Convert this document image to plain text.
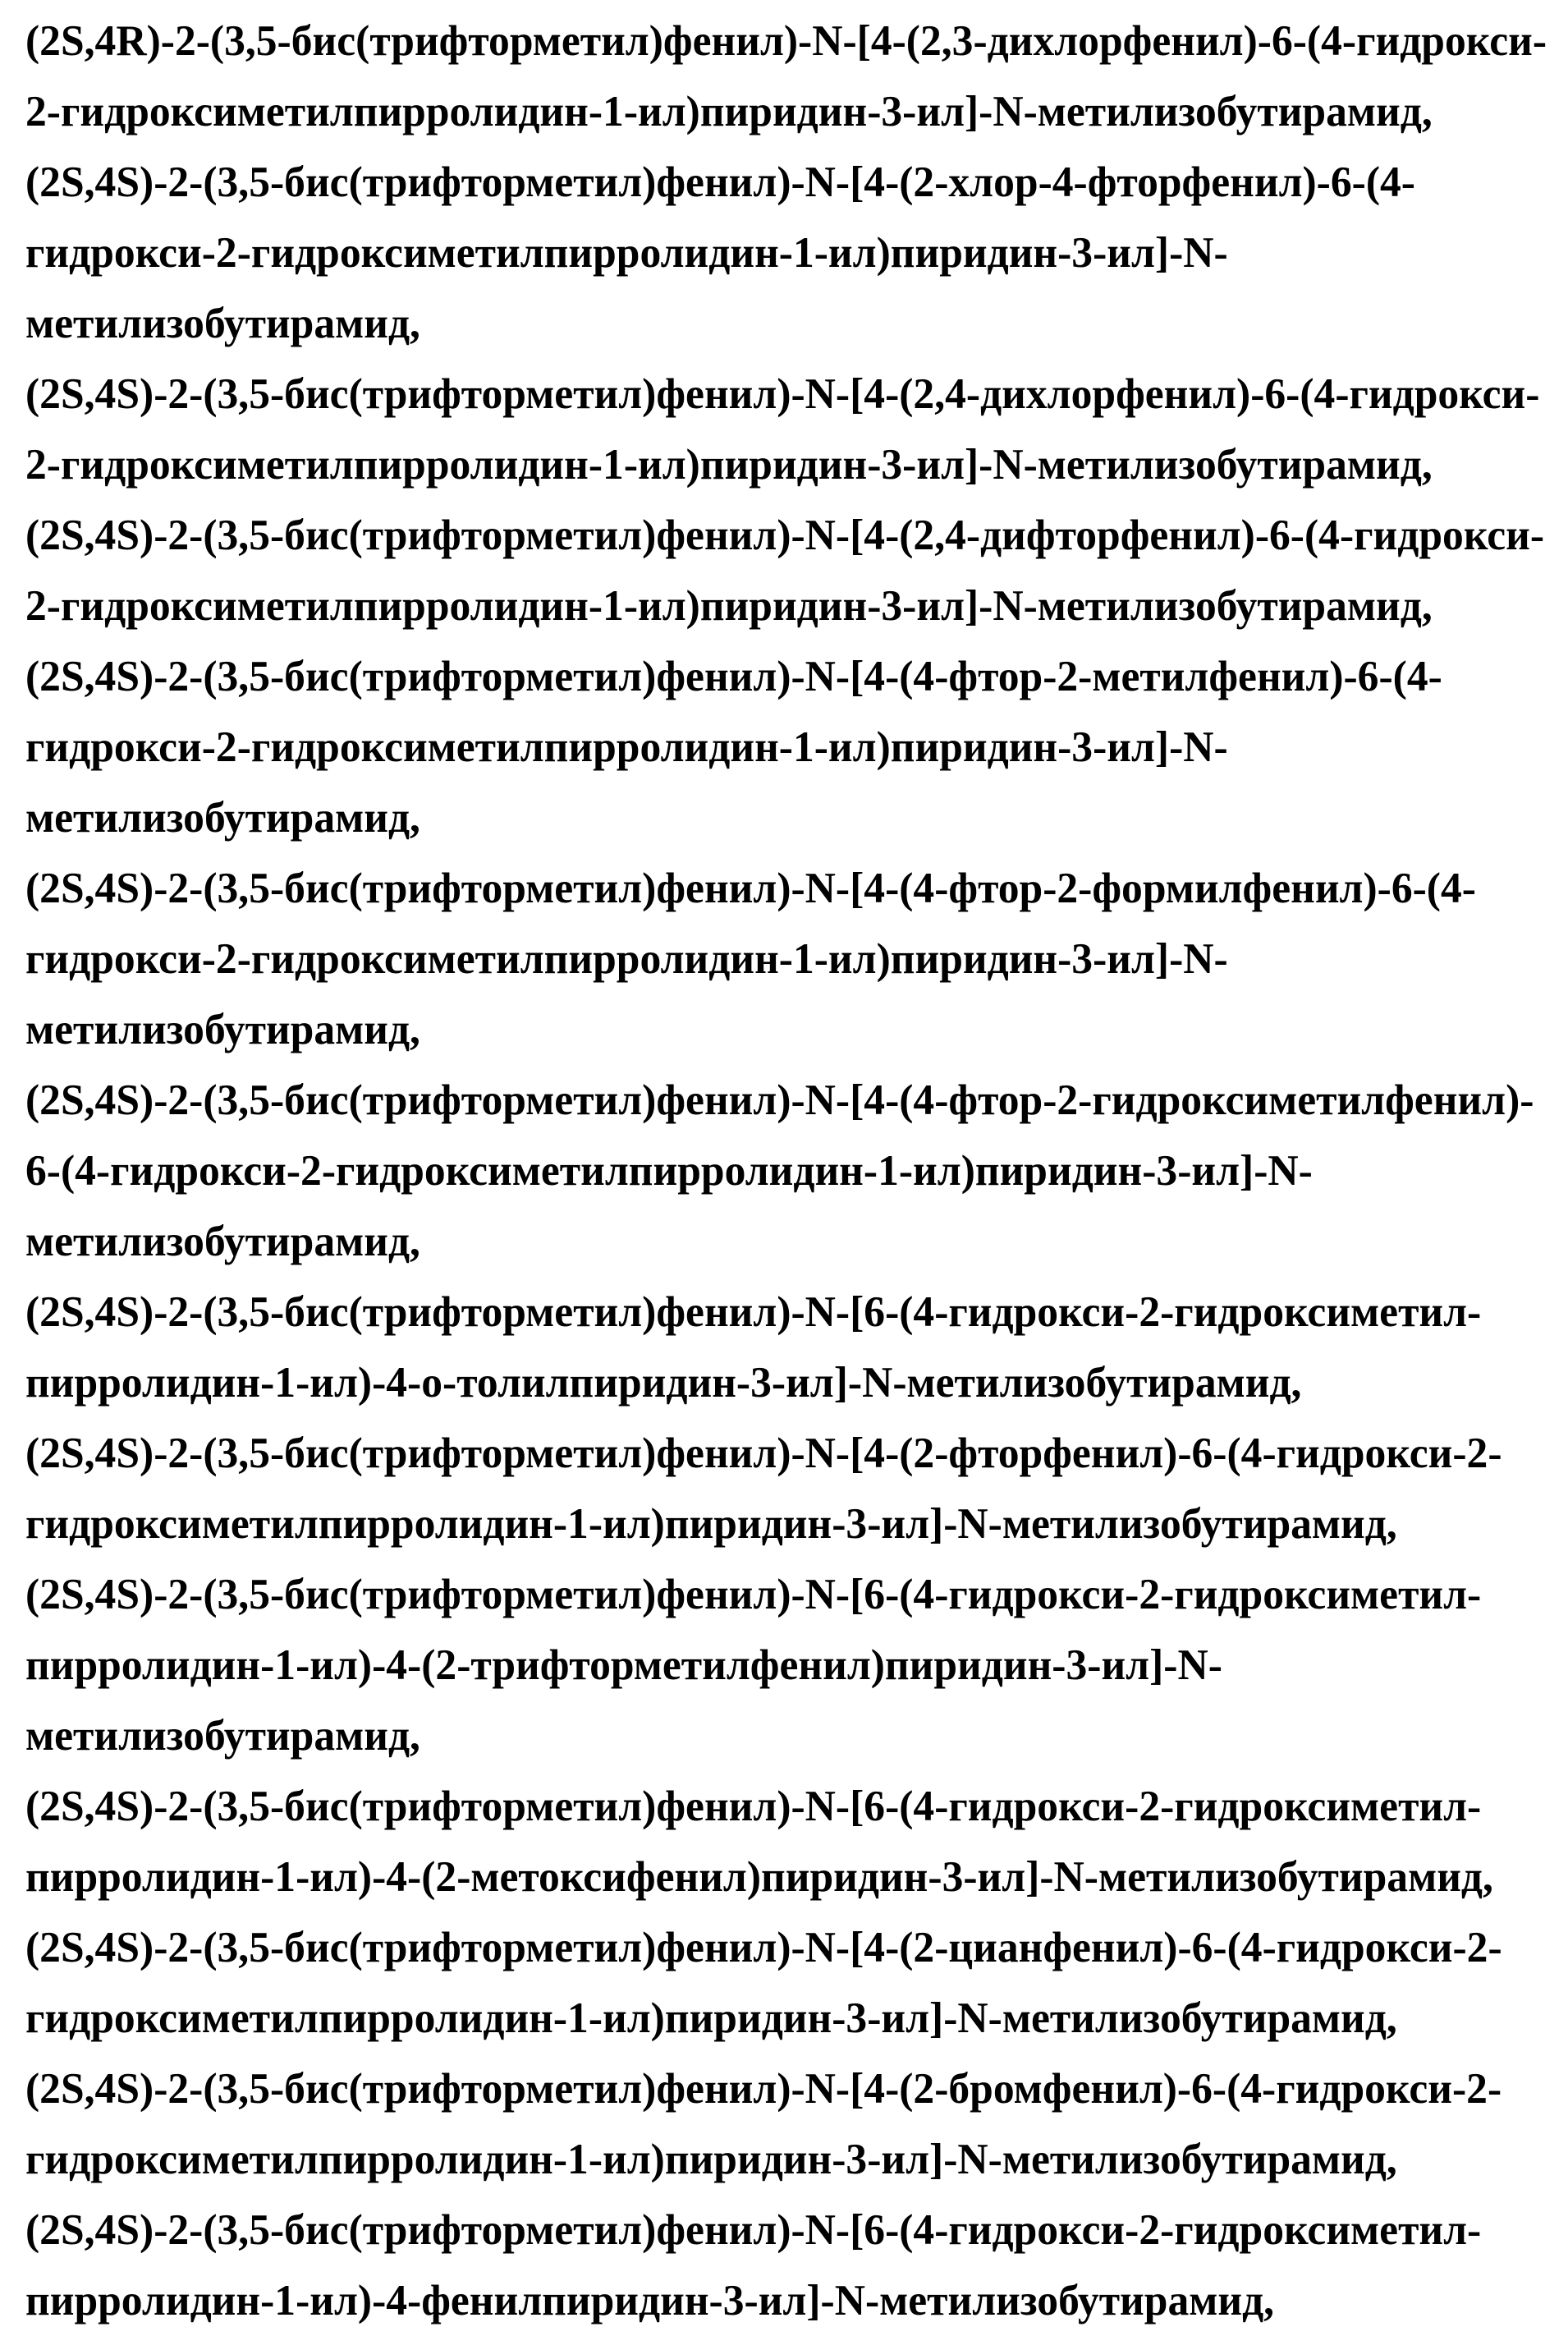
(2S,4R)-2-(3,5-бис(трифторметил)фенил)-N-[4-(2,3-дихлорфенил)-6-(4-гидрокси-
2-гидроксиметилпирролидин-1-ил)пиридин-3-ил]-N-метилизобутирамид,
(2S,4S)-2-(3,5-бис(трифторметил)фенил)-N-[4-(2-хлор-4-фторфенил)-6-(4-
гидрокси-2-гидроксиметилпирролидин-1-ил)пиридин-3-ил]-N-
метилизобутирамид,
(2S,4S)-2-(3,5-бис(трифторметил)фенил)-N-[4-(2,4-дихлорфенил)-6-(4-гидрокси-
2-гидроксиметилпирролидин-1-ил)пиридин-3-ил]-N-метилизобутирамид,
(2S,4S)-2-(3,5-бис(трифторметил)фенил)-N-[4-(2,4-дифторфенил)-6-(4-гидрокси-
2-гидроксиметилпирролидин-1-ил)пиридин-3-ил]-N-метилизобутирамид,
(2S,4S)-2-(3,5-бис(трифторметил)фенил)-N-[4-(4-фтор-2-метилфенил)-6-(4-
гидрокси-2-гидроксиметилпирролидин-1-ил)пиридин-3-ил]-N-
метилизобутирамид,
(2S,4S)-2-(3,5-бис(трифторметил)фенил)-N-[4-(4-фтор-2-формилфенил)-6-(4-
гидрокси-2-гидроксиметилпирролидин-1-ил)пиридин-3-ил]-N-
метилизобутирамид,
(2S,4S)-2-(3,5-бис(трифторметил)фенил)-N-[4-(4-фтор-2-гидроксиметилфенил)-
6-(4-гидрокси-2-гидроксиметилпирролидин-1-ил)пиридин-3-ил]-N-
метилизобутирамид,
(2S,4S)-2-(3,5-бис(трифторметил)фенил)-N-[6-(4-гидрокси-2-гидроксиметил-
пирролидин-1-ил)-4-о-толилпиридин-3-ил]-N-метилизобутирамид,
(2S,4S)-2-(3,5-бис(трифторметил)фенил)-N-[4-(2-фторфенил)-6-(4-гидрокси-2-
гидроксиметилпирролидин-1-ил)пиридин-3-ил]-N-метилизобутирамид,
(2S,4S)-2-(3,5-бис(трифторметил)фенил)-N-[6-(4-гидрокси-2-гидроксиметил-
пирролидин-1-ил)-4-(2-трифторметилфенил)пиридин-3-ил]-N-
метилизобутирамид,
(2S,4S)-2-(3,5-бис(трифторметил)фенил)-N-[6-(4-гидрокси-2-гидроксиметил-
пирролидин-1-ил)-4-(2-метоксифенил)пиридин-3-ил]-N-метилизобутирамид,
(2S,4S)-2-(3,5-бис(трифторметил)фенил)-N-[4-(2-цианфенил)-6-(4-гидрокси-2-
гидроксиметилпирролидин-1-ил)пиридин-3-ил]-N-метилизобутирамид,
(2S,4S)-2-(3,5-бис(трифторметил)фенил)-N-[4-(2-бромфенил)-6-(4-гидрокси-2-
гидроксиметилпирролидин-1-ил)пиридин-3-ил]-N-метилизобутирамид,
(2S,4S)-2-(3,5-бис(трифторметил)фенил)-N-[6-(4-гидрокси-2-гидроксиметил-
пирролидин-1-ил)-4-фенилпиридин-3-ил]-N-метилизобутирамид,
